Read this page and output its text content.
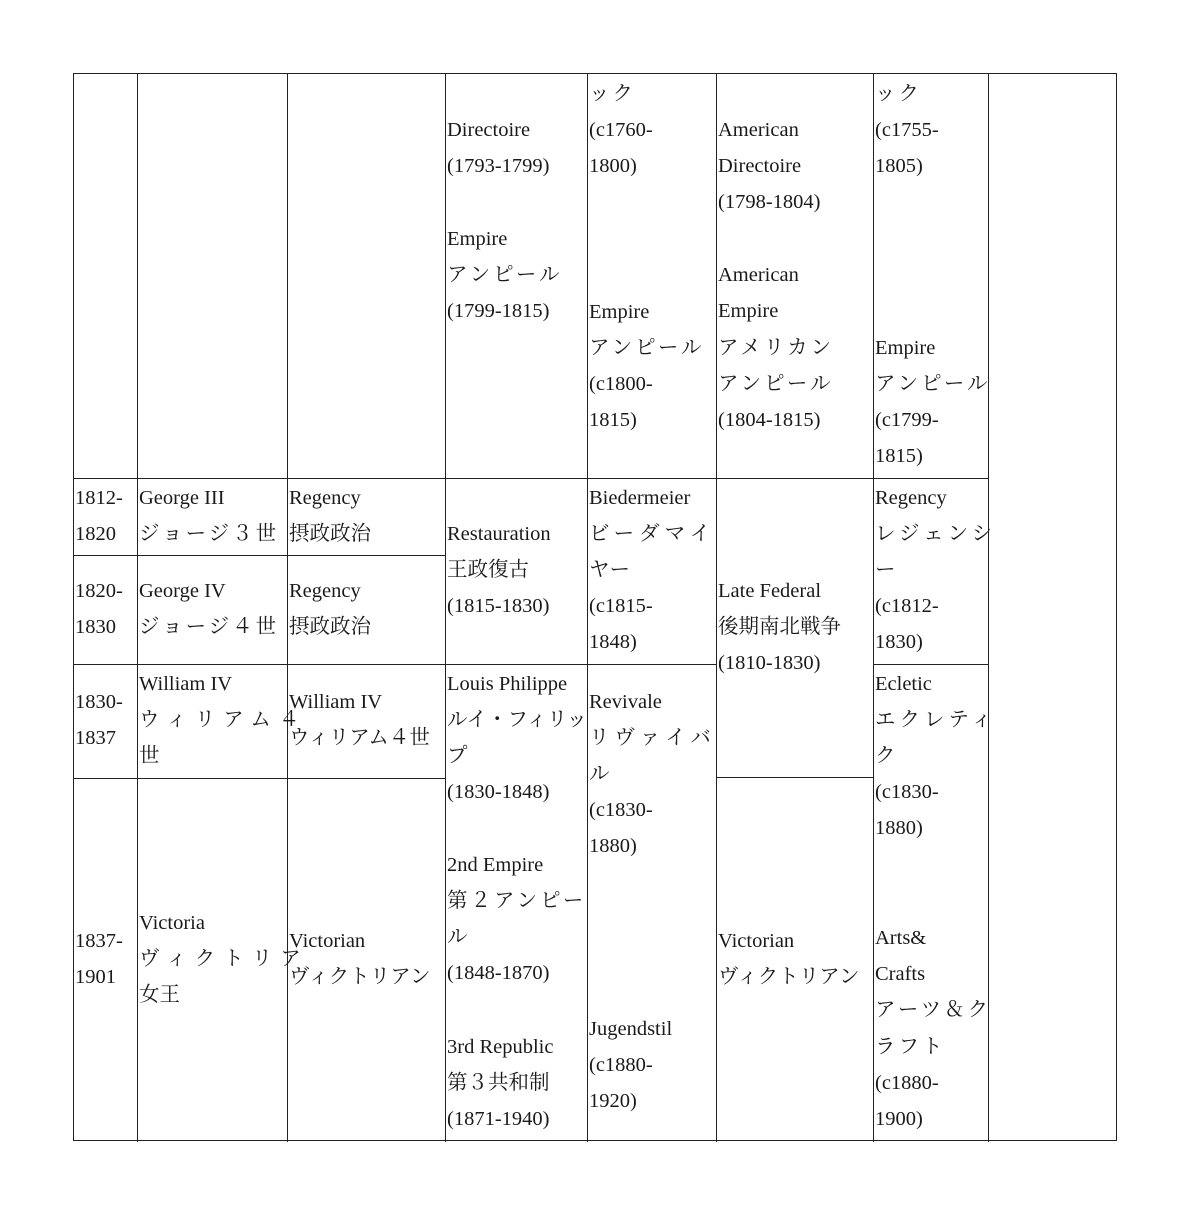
Directoire
(1793-1799)
Empire
アンピール
(1799-1815)
ック
(c1760-
1800)
Empire
アンピール
(c1800-
1815)
American
Directoire
(1798-1804)
American
Empire
アメリカン
アンピール
(1804-1815)
ック
(c1755-
1805)
Empire
アンピール
(c1799-
1815)
1812-
1820
1820-
1830
1830-
1837
1837-
1901
George III
ジョージ３世
George IV
ジョージ４世
William IV
ウィリアム４
世
Victoria
ヴィクトリア
女王
Regency
摂政政治
Regency
摂政政治
William IV
ウィリアム４世
Victorian
ヴィクトリアン
Restauration
王政復古
(1815-1830)
Louis Philippe
ルイ・フィリッ
プ
(1830-1848)
2nd Empire
第２アンピー
ル
(1848-1870)
3rd Republic
第３共和制
(1871-1940)
Biedermeier
ビーダマイ
ヤー
(c1815-
1848)
Revivale
リヴァイバ
ル
(c1830-
1880)
Jugendstil
(c1880-
1920)
Late Federal
後期南北戦争
(1810-1830)
Victorian
ヴィクトリアン
Regency
レジェンシ
ー
(c1812-
1830)
Ecletic
エクレティ
ク
(c1830-
1880)
Arts&
Crafts
アーツ＆ク
ラフト
(c1880-
1900)
